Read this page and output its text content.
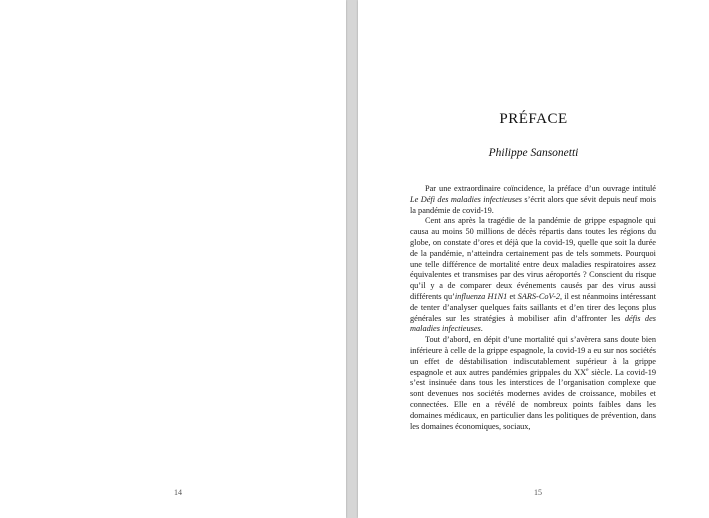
14
PRÉFACE
Philippe Sansonetti

Par une extraordinaire coïncidence, la préface d’un ouvrage intitulé Le Défi des maladies infectieuses s’écrit alors que sévit depuis neuf mois la pandémie de covid-19.

Cent ans après la tragédie de la pandémie de grippe espagnole qui causa au moins 50 millions de décès répartis dans toutes les régions du globe, on constate d’ores et déjà que la covid-19, quelle que soit la durée de la pandémie, n’atteindra certainement pas de tels sommets. Pourquoi une telle différence de mortalité entre deux maladies respiratoires assez équivalentes et transmises par des virus aéroportés ? Conscient du risque qu’il y a de comparer deux événements causés par des virus aussi différents qu’influenza H1N1 et SARS-CoV-2, il est néanmoins intéressant de tenter d’analyser quelques faits saillants et d’en tirer des leçons plus générales sur les stratégies à mobiliser afin d’affronter les défis des maladies infectieuses.

Tout d’abord, en dépit d’une mortalité qui s’avèrera sans doute bien inférieure à celle de la grippe espagnole, la covid-19 a eu sur nos sociétés un effet de déstabilisation indiscutablement supérieur à la grippe espagnole et aux autres pandémies grippales du XXe siècle. La covid-19 s’est insinuée dans tous les interstices de l’organisation complexe que sont devenues nos sociétés modernes avides de croissance, mobiles et connectées. Elle en a révélé de nombreux points faibles dans les domaines médicaux, en particulier dans les politiques de prévention, dans les domaines économiques, sociaux,

15
